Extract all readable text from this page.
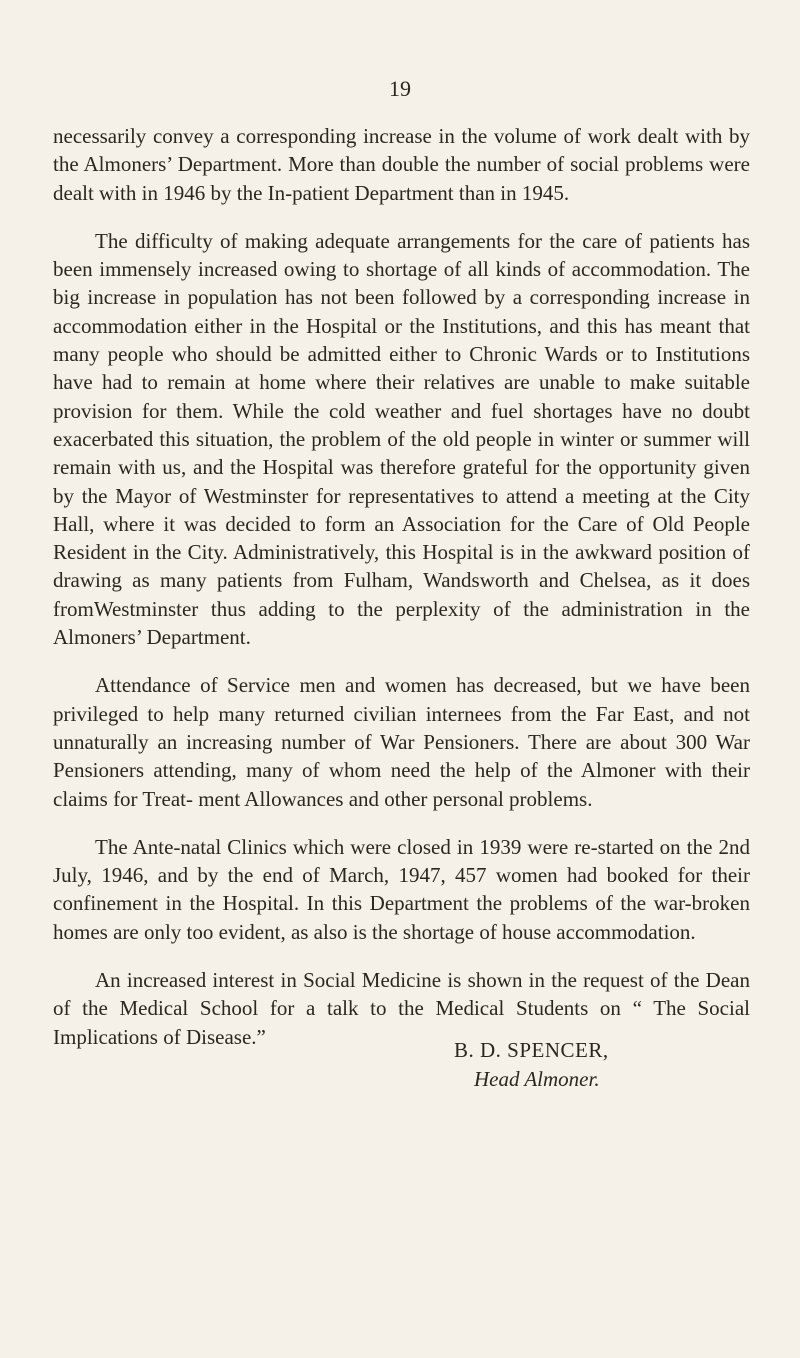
19

necessarily convey a corresponding increase in the volume of work dealt with by the Almoners’ Department. More than double the number of social problems were dealt with in 1946 by the In-patient Department than in 1945.

The difficulty of making adequate arrangements for the care of patients has been immensely increased owing to shortage of all kinds of accommodation. The big increase in population has not been followed by a corresponding increase in accommodation either in the Hospital or the Institutions, and this has meant that many people who should be admitted either to Chronic Wards or to Institutions have had to remain at home where their relatives are unable to make suitable provision for them. While the cold weather and fuel shortages have no doubt exacerbated this situation, the problem of the old people in winter or summer will remain with us, and the Hospital was therefore grateful for the opportunity given by the Mayor of Westminster for representatives to attend a meeting at the City Hall, where it was decided to form an Association for the Care of Old People Resident in the City. Administratively, this Hospital is in the awkward position of drawing as many patients from Fulham, Wandsworth and Chelsea, as it does fromWestminster thus adding to the perplexity of the administration in the Almoners’ Department.

Attendance of Service men and women has decreased, but we have been privileged to help many returned civilian internees from the Far East, and not unnaturally an increasing number of War Pensioners. There are about 300 War Pensioners attending, many of whom need the help of the Almoner with their claims for Treat- ment Allowances and other personal problems.

The Ante-natal Clinics which were closed in 1939 were re-started on the 2nd July, 1946, and by the end of March, 1947, 457 women had booked for their confinement in the Hospital. In this Department the problems of the war-broken homes are only too evident, as also is the shortage of house accommodation.

An increased interest in Social Medicine is shown in the request of the Dean of the Medical School for a talk to the Medical Students on “ The Social Implications of Disease.”

B. D. SPENCER,
Head Almoner.
